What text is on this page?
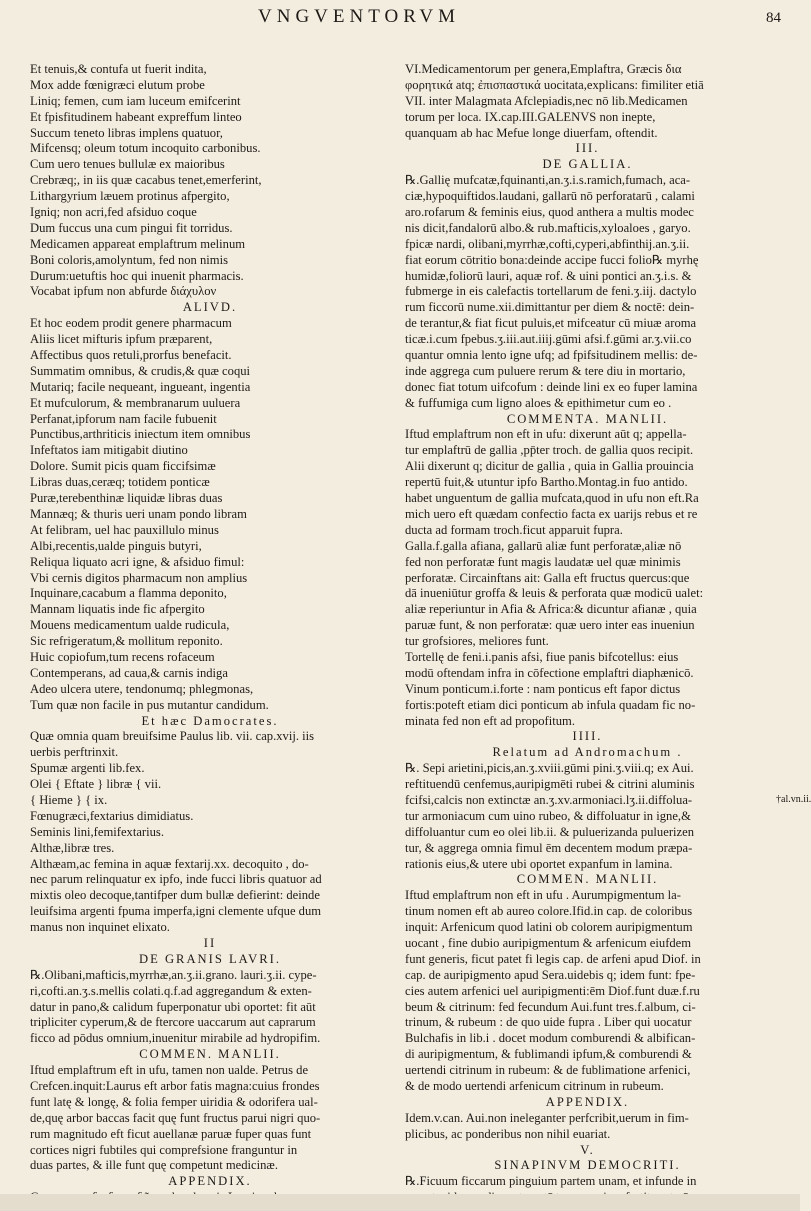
VNGVENTORVM	84
Et tenuis,& contufa ut fuerit indita,
Mox adde fœnigræci elutum probe
Liniq; femen, cum iam luceum emifcerint
Et fpisfitudinem habeant expreffum linteo
Succum teneto libras implens quatuor,
Mifcensq; oleum totum incoquito carbonibus.
Cum uero tenues bullulæ ex maioribus
Crebræq;, in iis quæ cacabus tenet,emerferint,
Lithargyrium læuem protinus afpergito,
Igniq; non acri,fed afsiduo coque
Dum fuccus una cum pingui fit torridus.
Medicamen appareat emplaftrum melinum
Boni coloris,amolyntum, fed non nimis
Durum:uetuftis hoc qui inuenit pharmacis.
Vocabat ipfum non abfurde διάχυλον
ALIVD.
Et hoc eodem prodit genere pharmacum
Aliis licet mifturis ipfum præparent,
Affectibus quos retuli,prorfus benefacit.
Summatim omnibus, & crudis,& quæ coqui
Mutariq; facile nequeant, ingueant, ingentia
Et mufculorum, & membranarum uuluera
Perfanat,ipforum nam facile fubuenit
Punctibus,arthriticis iniectum item omnibus
Infeftatos iam mitigabit diutino
Dolore. Sumit picis quam ficcifsimæ
Libras duas,ceræq; totidem ponticæ
Puræ,terebenthinæ liquidæ libras duas
Mannæq; & thuris ueri unam pondo libram
At felibram, uel hac pauxillulo minus
Albi,recentis,ualde pinguis butyri,
Reliqua liquato acri igne, & afsiduo fimul:
Vbi cernis digitos pharmacum non amplius
Inquinare,cacabum a flamma deponito,
Mannam liquatis inde fic afpergito
Mouens medicamentum ualde rudicula,
Sic refrigeratum,& mollitum reponito.
Huic copiofum,tum recens rofaceum
Contemperans, ad caua,& carnis indiga
Adeo ulcera utere, tendonumq; phlegmonas,
Tum quæ non facile in pus mutantur candidum.
Et hæc Damocrates.
Quæ omnia quam breuifsime Paulus lib. vii. cap.xvij. iis
uerbis perftrinxit.
Spumæ argenti lib.fex.
Olei { Eftate } libræ { vii.
{ Hieme } { ix.
Fœnugræci,fextarius dimidiatus.
Seminis lini,femifextarius.
Althæ,libræ tres.
Althæam,ac femina in aquæ fextarij.xx. decoquito , do-
nec parum relinquatur ex ipfo, inde fucci libris quatuor ad
mixtis oleo decoque,tantifper dum bullæ defierint: deinde
leuifsima argenti fpuma imperfa,igni clemente ufque dum
manus non inquinet elixato.
II
DE GRANIS LAVRI.
℞.Olibani,mafticis,myrrhæ,an.ʒ.ii.grano. lauri.ʒ.ii. cype-
ri,cofti.an.ʒ.s.mellis colati.q.f.ad aggregandum & exten-
datur in pano,& calidum fuperponatur ubi oportet: fit aūt
tripliciter cyperum,& de ftercore uaccarum aut caprarum
ficco ad pōdus omnium,inuenitur mirabile ad hydropifim.
COMMEN. MANLII.
Iftud emplaftrum eft in ufu, tamen non ualde. Petrus de
Crefcen.inquit:Laurus eft arbor fatis magna:cuius frondes
funt latę & longę, & folia femper uiridia & odorifera ual-
de,quę arbor baccas facit quę funt fructus parui nigri quo-
rum magnitudo eft ficut auellanæ paruæ fuper quas funt
cortices nigri fubtiles qui comprefsione franguntur in
duas partes, & ille funt quę competunt medicinæ.
APPENDIX.
VI.Medicamentorum per genera,Emplaftra, Græcis δια
φορητικά atq; ἐπισπαστικά uocitata,explicans: fimiliter etiā
VII. inter Malagmata Afclepiadis,nec nō lib.Medicamen
torum per loca. IX.cap.III.GALENVS non inepte,
quanquam ab hac Mefue longe diuerfam, oftendit.
III.
DE GALLIA.
℞.Gallię mufcatæ,fquinanti,an.ʒ.i.s.ramich,fumach, aca-
ciæ,hypoquiftidos.laudani, gallarū nō perforatarū , calami
aro.rofarum & feminis eius, quod anthera a multis modec
nis dicit,fandalorū albo.& rub.mafticis,xyloaloes , garyo.
fpicæ nardi, olibani,myrrhæ,cofti,cyperi,abfinthij.an.ʒ.ii.
fiat eorum cōtritio bona:deinde accipe fucci folio℞ myrhę
humidæ,foliorū lauri, aquæ rof. & uini pontici an.ʒ.i.s. &
fubmerge in eis calefactis tortellarum de feni.ʒ.iij. dactylo
rum ficcorū nume.xii.dimittantur per diem & noctē: dein-
de terantur,& fiat ficut puluis,et mifceatur cū miuæ aroma
ticæ.i.cum fpebus.ʒ.iii.aut.iiij.gūmi afsi.f.gūmi ar.ʒ.vii.co
quantur omnia lento igne ufq; ad fpifsitudinem mellis: de-
inde aggrega cum puluere rerum & tere diu in mortario,
donec fiat totum uifcofum : deinde lini ex eo fuper lamina
& fuffumiga cum ligno aloes & epithimetur cum eo .
COMMENTA. MANLII.
Iftud emplaftrum non eft in ufu: dixerunt aūt q; appella-
tur emplaftrū de gallia ,pp̄ter troch. de gallia quos recipit.
Alii dixerunt q; dicitur de gallia , quia in Gallia prouincia
repertū fuit,& utuntur ipfo Bartho.Montag.in fuo antido.
habet unguentum de gallia mufcata,quod in ufu non eft.Ra
mich uero eft quædam confectio facta ex uarijs rebus et re
ducta ad formam troch.ficut apparuit fupra.
Galla.f.galla afiana, gallarū aliæ funt perforatæ,aliæ nō
fed non perforatæ funt magis laudatæ uel quæ minimis
perforatæ. Circainftans ait: Galla eft fructus quercus:que
dā inueniūtur groffa & leuis & perforata quæ modicū ualet:
aliæ reperiuntur in Afia & Africa:& dicuntur afianæ , quia
paruæ funt, & non perforatæ: quæ uero inter eas inueniun
tur grofsiores, meliores funt.
Tortellę de feni.i.panis afsi, fiue panis bifcotellus: eius
modū oftendam infra in cōfectione emplaftri diaphænicō.
Vinum ponticum.i.forte : nam ponticus eft fapor dictus
fortis:poteft etiam dici ponticum ab infula quadam fic no-
minata fed non eft ad propofitum.
IIII.
Relatum ad Andromachum .
℞. Sepi arietini,picis,an.ʒ.xviii.gūmi pini.ʒ.viii.q; ex Aui.
reftituendū cenfemus,auripigmēti rubei & citrini aluminis
fcifsi,calcis non extinctæ an.ʒ.xv.armoniaci.lʒ.ii.diffolua-
tur armoniacum cum uino rubeo, & diffoluatur in igne,&
diffoluantur cum eo olei lib.ii. & puluerizanda puluerizen
tur, & aggrega omnia fimul ēm decentem modum præpa-
rationis eius,& utere ubi oportet expanfum in lamina.
COMMEN. MANLII.
Iftud emplaftrum non eft in ufu . Aurumpigmentum la-
tinum nomen eft ab aureo colore.Ifid.in cap. de coloribus
inquit: Arfenicum quod latini ob colorem auripigmentum
uocant , fine dubio auripigmentum & arfenicum eiufdem
funt generis, ficut patet fi legis cap. de arfeni apud Diof. in
cap. de auripigmento apud Sera.uidebis q; idem funt: fpe-
cies autem arfenici uel auripigmenti:ēm Diof.funt duæ.f.ru
beum & citrinum: fed fecundum Aui.funt tres.f.album, ci-
trinum, & rubeum : de quo uide fupra . Liber qui uocatur
Bulchafis in lib.i . docet modum comburendi & albifican-
di auripigmentum, & fublimandi ipfum,& comburendi &
uertendi citrinum in rubeum: & de fublimatione arfenici,
& de modo uertendi arfenicum citrinum in rubeum.
APPENDIX.
Idem.v.can. Aui.non ineleganter perfcribit,uerum in fim-
plicibus, ac ponderibus non nihil euariat.
V.
SINAPINVM DEMOCRITI.
℞.Ficuum ficcarum pinguium partem unam, et infunde in
†al.vn.ii.
